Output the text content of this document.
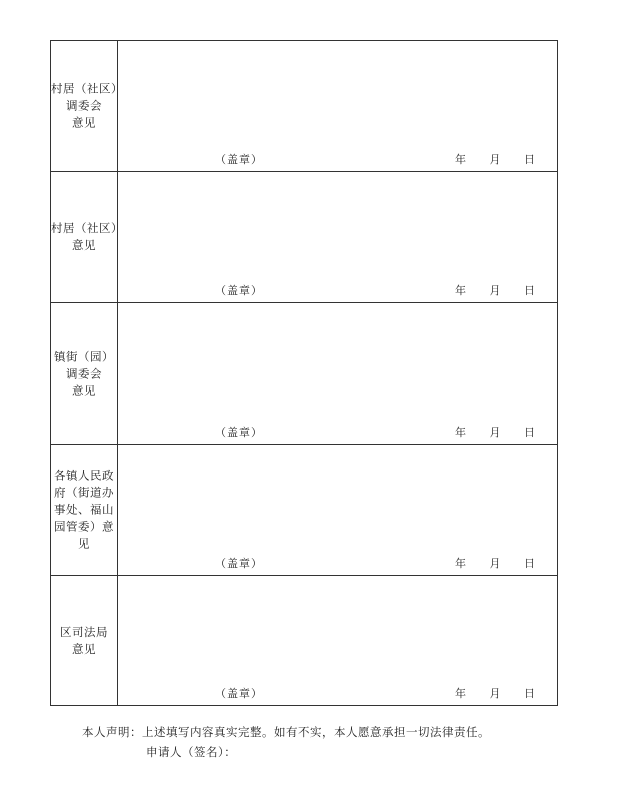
村居（社区）
调委会
意见	（盖章） 年 月 日

村居（社区）
意见	（盖章） 年 月 日

镇街（园）
调委会
意见	（盖章） 年 月 日

各镇人民政
府（街道办
事处、福山
园管委）意
见	（盖章） 年 月 日

区司法局
意见	（盖章） 年 月 日
本人声明：上述填写内容真实完整。如有不实，本人愿意承担一切法律责任。
申请人（签名）：
